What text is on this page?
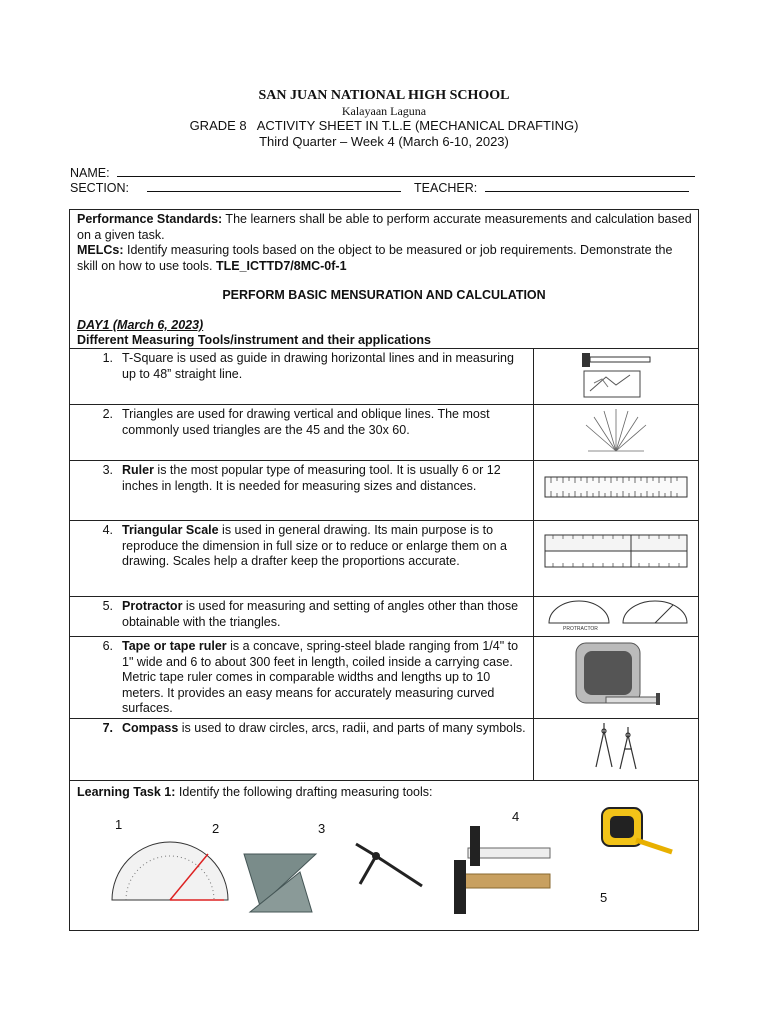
SAN JUAN NATIONAL HIGH SCHOOL
Kalayaan Laguna
GRADE 8   ACTIVITY SHEET IN T.L.E (MECHANICAL DRAFTING)
Third Quarter – Week 4 (March 6-10, 2023)
NAME:
SECTION:	TEACHER:
Performance Standards: The learners shall be able to perform accurate measurements and calculation based on a given task.
MELCs: Identify measuring tools based on the object to be measured or job requirements. Demonstrate the skill on how to use tools. TLE_ICTTD7/8MC-0f-1
PERFORM BASIC MENSURATION AND CALCULATION
DAY1 (March 6, 2023)
Different Measuring Tools/instrument and their applications
1. T-Square is used as guide in drawing horizontal lines and in measuring up to 48” straight line.

2. Triangles are used for drawing vertical and oblique lines. The most commonly used triangles are the 45 and the 30x 60.

3. Ruler is the most popular type of measuring tool. It is usually 6 or 12 inches in length. It is needed for measuring sizes and distances.

4. Triangular Scale is used in general drawing. Its main purpose is to reproduce the dimension in full size or to reduce or enlarge them on a drawing. Scales help a drafter keep the proportions accurate.

5. Protractor is used for measuring and setting of angles other than those obtainable with the triangles.	PROTRACTOR

6. Tape or tape ruler is a concave, spring-steel blade ranging from 1/4" to 1" wide and 6 to about 300 feet in length, coiled inside a carrying case. Metric tape ruler comes in comparable widths and lengths up to 10 meters. It provides an easy means for accurately measuring curved surfaces.

7. Compass is used to draw circles, arcs, radii, and parts of many symbols.

Learning Task 1: Identify the following drafting measuring tools:
1	2	3
4
5
